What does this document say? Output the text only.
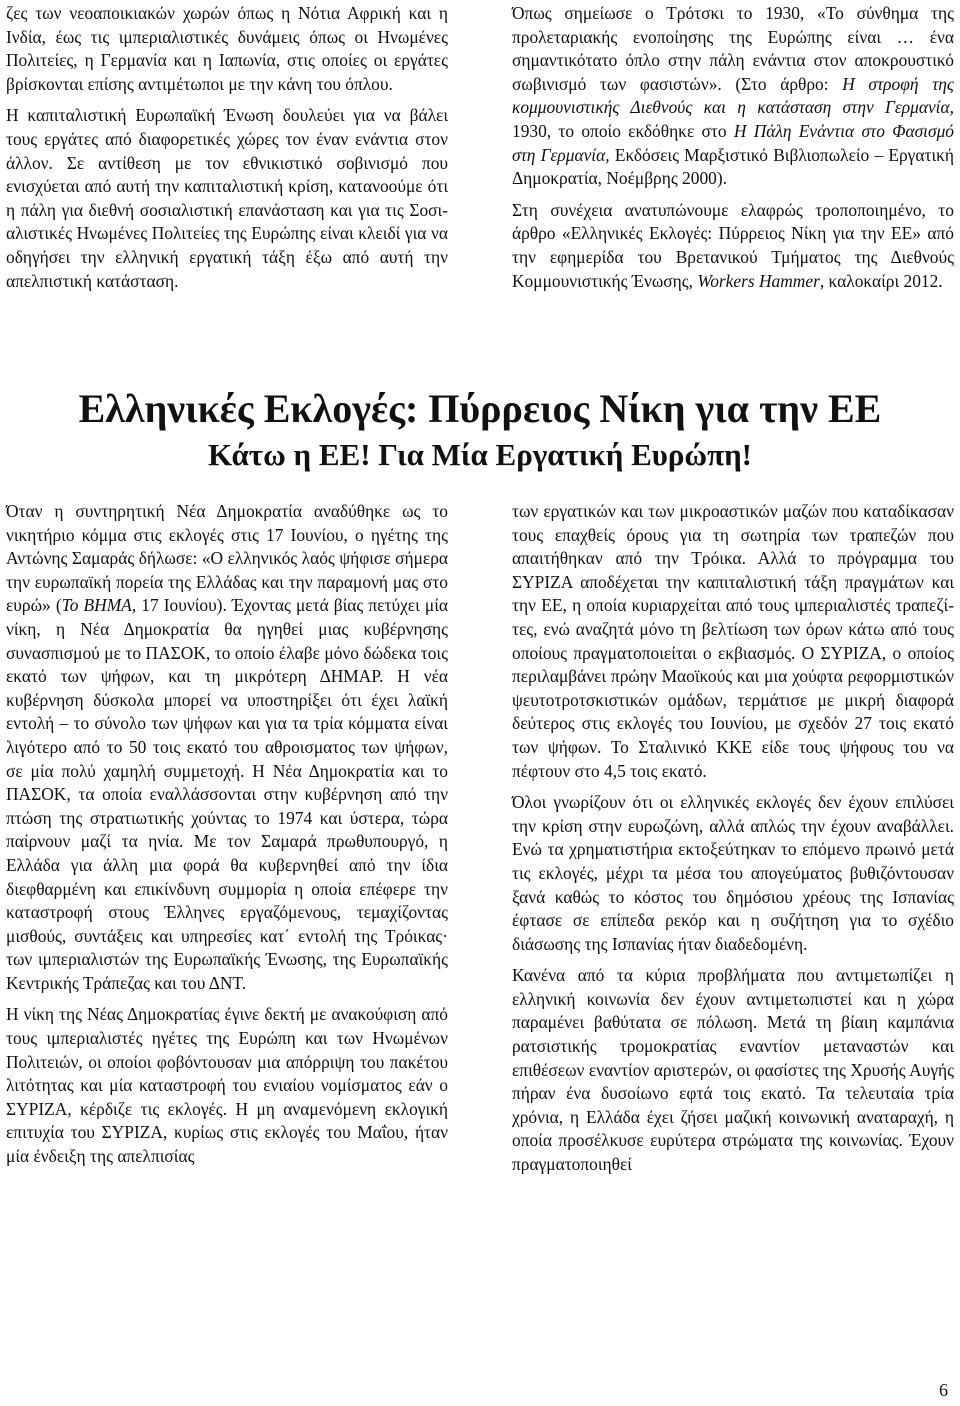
ζες των νεοαποικιακών χωρών όπως η Νότια Αφρική και η Ινδία, έως τις ιμπεριαλιστικές δυνάμεις όπως οι Ηνωμένες Πολιτείες, η Γερμανία και η Ιαπωνία, στις οποίες οι εργάτες βρίσκονται επίσης αντιμέτωποι με την κάνη του όπλου.

Η καπιταλιστική Ευρωπαϊκή Ένωση δουλεύει για να βάλει τους εργάτες από διαφορετικές χώρες τον έναν ενάντια στον άλλον. Σε αντίθεση με τον εθνικιστικό σοβινισμό που ενισχύεται από αυτή την καπιταλιστική κρίση, κατανοούμε ότι η πάλη για διεθνή σοσιαλιστική επανάσταση και για τις Σοσιαλιστικές Ηνωμένες Πολιτείες της Ευρώπης είναι κλειδί για να οδηγήσει την ελληνική εργατική τάξη έξω από αυτή την απελπιστική κατάσταση.

Όπως σημείωσε ο Τρότσκι το 1930, «Το σύνθημα της προλεταριακής ενοποίησης της Ευρώπης είναι … ένα σημαντικότατο όπλο στην πάλη ενάντια στον αποκρουστικό σωβινισμό των φασιστών». (Στο άρθρο: Η στροφή της κομμουνιστικής Διεθνούς και η κατάσταση στην Γερμανία, 1930, το οποίο εκδόθηκε στο Η Πάλη Ενάντια στο Φασισμό στη Γερμανία, Εκδόσεις Μαρξιστικό Βιβλιοπωλείο – Εργατική Δημοκρατία, Νοέμβρης 2000).

Στη συνέχεια ανατυπώνουμε ελαφρώς τροποποιημένο, το άρθρο «Ελληνικές Εκλογές: Πύρρειος Νίκη για την ΕΕ» από την εφημερίδα του Βρετανικού Τμήματος της Διεθνούς Κομμουνιστικής Ένωσης, Workers Hammer, καλοκαίρι 2012.

Ελληνικές Εκλογές: Πύρρειος Νίκη για την ΕΕ
Κάτω η ΕΕ! Για Μία Εργατική Ευρώπη!

Όταν η συντηρητική Νέα Δημοκρατία αναδύθηκε ως το νικητήριο κόμμα στις εκλογές στις 17 Ιουνίου, ο ηγέτης της Αντώνης Σαμαράς δήλωσε: «Ο ελληνικός λαός ψήφισε σήμερα την ευρωπαϊκή πορεία της Ελλάδας και την παραμονή μας στο ευρώ» (Το ΒΗΜΑ, 17 Ιουνίου). Έχοντας μετά βίας πετύχει μία νίκη, η Νέα Δημοκρατία θα ηγηθεί μιας κυβέρνησης συνασπισμού με το ΠΑΣΟΚ, το οποίο έλαβε μόνο δώδεκα τοις εκατό των ψήφων, και τη μικρότερη ΔΗΜΑΡ. Η νέα κυβέρνηση δύσκολα μπορεί να υποστηρίξει ότι έχει λαϊκή εντολή – το σύνολο των ψήφων και για τα τρία κόμματα είναι λιγότερο από το 50 τοις εκατό του αθροισματος των ψήφων, σε μία πολύ χαμηλή συμμετοχή. Η Νέα Δημοκρατία και το ΠΑΣΟΚ, τα οποία εναλλάσσονται στην κυβέρνηση από την πτώση της στρατιωτικής χούντας το 1974 και ύστερα, τώρα παίρνουν μαζί τα ηνία. Με τον Σαμαρά πρωθυπουργό, η Ελλάδα για άλλη μια φορά θα κυβερνηθεί από την ίδια διεφθαρμένη και επικίνδυνη συμμορία η οποία επέφερε την καταστροφή στους Έλληνες εργαζόμενους, τεμαχίζοντας μισθούς, συντάξεις και υπηρεσίες κατ΄ εντολή της Τρόικας· των ιμπεριαλιστών της Ευρωπαϊκής Ένωσης, της Ευρωπαϊκής Κεντρικής Τράπεζας και του ΔΝΤ.

Η νίκη της Νέας Δημοκρατίας έγινε δεκτή με ανακούφιση από τους ιμπεριαλιστές ηγέτες της Ευρώπη και των Ηνωμένων Πολιτειών, οι οποίοι φοβόντουσαν μια απόρριψη του πακέτου λιτότητας και μία καταστροφή του ενιαίου νομίσματος εάν ο ΣΥΡΙΖΑ, κέρδιζε τις εκλογές. Η μη αναμενόμενη εκλογική επιτυχία του ΣΥΡΙΖΑ, κυρίως στις εκλογές του Μαΐου, ήταν μία ένδειξη της απελπισίας

των εργατικών και των μικροαστικών μαζών που καταδίκασαν τους επαχθείς όρους για τη σωτηρία των τραπεζών που απαιτήθηκαν από την Τρόικα. Αλλά το πρόγραμμα του ΣΥΡΙΖΑ αποδέχεται την καπιταλιστική τάξη πραγμάτων και την ΕΕ, η οποία κυριαρχείται από τους ιμπεριαλιστές τραπεζίτες, ενώ αναζητά μόνο τη βελτίωση των όρων κάτω από τους οποίους πραγματοποιείται ο εκβιασμός. Ο ΣΥΡΙΖΑ, ο οποίος περιλαμβάνει πρώην Μαοϊκούς και μια χούφτα ρεφορμιστικών ψευτοτροτσκιστικών ομάδων, τερμάτισε με μικρή διαφορά δεύτερος στις εκλογές του Ιουνίου, με σχεδόν 27 τοις εκατό των ψήφων. Το Σταλινικό ΚΚΕ είδε τους ψήφους του να πέφτουν στο 4,5 τοις εκατό.

Όλοι γνωρίζουν ότι οι ελληνικές εκλογές δεν έχουν επιλύσει την κρίση στην ευρωζώνη, αλλά απλώς την έχουν αναβάλλει. Ενώ τα χρηματιστήρια εκτοξεύτηκαν το επόμενο πρωινό μετά τις εκλογές, μέχρι τα μέσα του απογεύματος βυθιζόντουσαν ξανά καθώς το κόστος του δημόσιου χρέους της Ισπανίας έφτασε σε επίπεδα ρεκόρ και η συζήτηση για το σχέδιο διάσωσης της Ισπανίας ήταν διαδεδομένη.

Κανένα από τα κύρια προβλήματα που αντιμετωπίζει η ελληνική κοινωνία δεν έχουν αντιμετωπιστεί και η χώρα παραμένει βαθύτατα σε πόλωση. Μετά τη βίαιη καμπάνια ρατσιστικής τρομοκρατίας εναντίον μεταναστών και επιθέσεων εναντίον αριστερών, οι φασίστες της Χρυσής Αυγής πήραν ένα δυσοίωνο εφτά τοις εκατό. Τα τελευταία τρία χρόνια, η Ελλάδα έχει ζήσει μαζική κοινωνική αναταραχή, η οποία προσέλκυσε ευρύτερα στρώματα της κοινωνίας. Έχουν πραγματοποιηθεί

6
